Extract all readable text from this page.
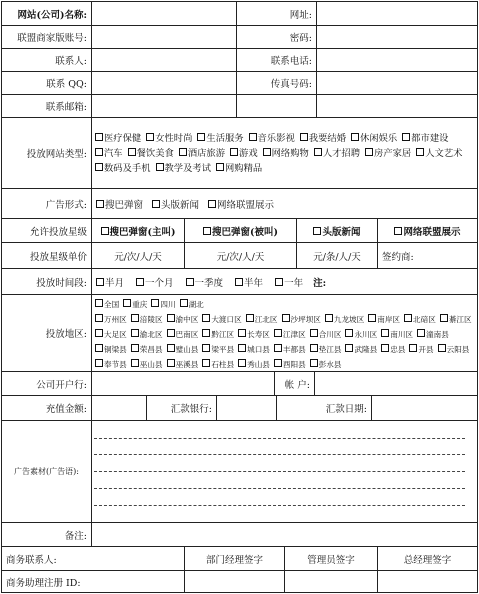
网站(公司)名称:	网址:
联盟商家版账号:	密码:
联系人:	联系电话:
联系 QQ:	传真号码:
联系邮箱:
投放网站类型:
医疗保健 女性时尚 生活服务 音乐影视 我要结婚 休闲娱乐 都市建设汽车 餐饮美食 酒店旅游 游戏 网络购物 人才招聘 房产家居 人文艺术数码及手机 教学及考试 网购精品
广告形式:	搜巴弹窗	头版新闻	网络联盟展示
允许投放星级	搜巴弹窗(主叫)	搜巴弹窗(被叫)	头版新闻	网络联盟展示
投放星级单价	元/次/人/天	元/次/人/天	元/条/人/天	签约商:
投放时间段:	半月	一个月	一季度	半年	一年 注:
投放地区:
全国 重庆 四川 湖北
万州区 涪陵区 渝中区 大渡口区 江北区 沙坪坝区 九龙坡区 南岸区 北碚区 綦江区大足区 渝北区 巴南区 黔江区 长寿区 江津区 合川区 永川区 南川区 潼南县铜梁县 荣昌县 璧山县 梁平县 城口县 丰都县 垫江县 武隆县 忠县 开县 云阳县奉节县 巫山县 巫溪县 石柱县 秀山县 酉阳县 彭水县
公司开户行:	帐 户:
充值金额:	汇款银行:	汇款日期:
广告素材(广告语):
备注:
商务联系人:	部门经理签字	管理员签字	总经理签字
商务助理注册 ID:
